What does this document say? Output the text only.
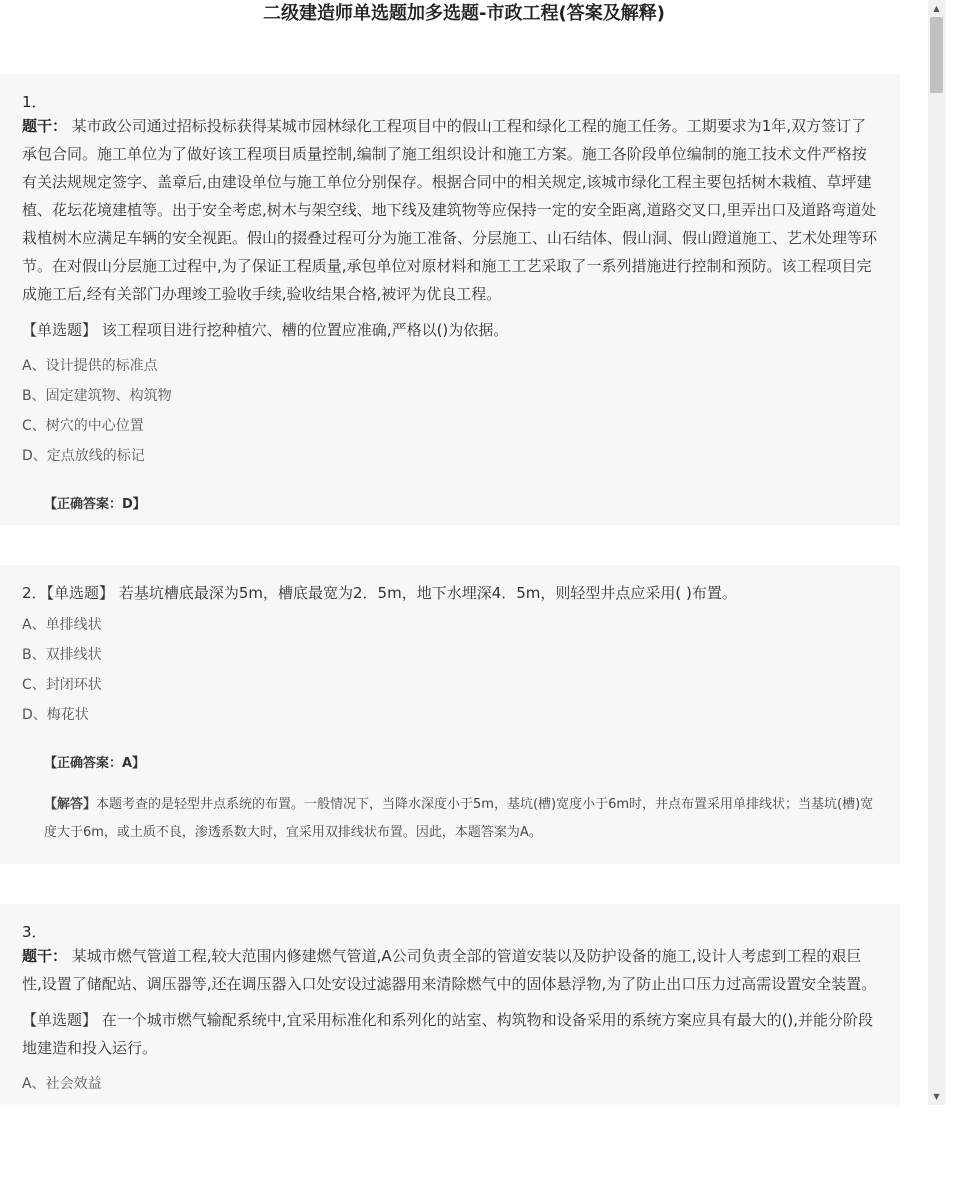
二级建造师单选题加多选题-市政工程(答案及解释)
1．
题干： 某市政公司通过招标投标获得某城市园林绿化工程项目中的假山工程和绿化工程的施工任务。工期要求为1年,双方签订了承包合同。施工单位为了做好该工程项目质量控制,编制了施工组织设计和施工方案。施工各阶段单位编制的施工技术文件严格按有关法规规定签字、盖章后,由建设单位与施工单位分别保存。根据合同中的相关规定,该城市绿化工程主要包括树木栽植、草坪建植、花坛花境建植等。出于安全考虑,树木与架空线、地下线及建筑物等应保持一定的安全距离,道路交叉口,里弄出口及道路弯道处栽植树木应满足车辆的安全视距。假山的掇叠过程可分为施工准备、分层施工、山石结体、假山洞、假山蹬道施工、艺术处理等环节。在对假山分层施工过程中,为了保证工程质量,承包单位对原材料和施工工艺采取了一系列措施进行控制和预防。该工程项目完成施工后,经有关部门办理竣工验收手续,验收结果合格,被评为优良工程。
【单选题】 该工程项目进行挖种植穴、槽的位置应准确,严格以()为依据。
A、设计提供的标准点
B、固定建筑物、构筑物
C、树穴的中心位置
D、定点放线的标记
【正确答案：D】
2．【单选题】 若基坑槽底最深为5m，槽底最宽为2．5m，地下水埋深4．5m，则轻型井点应采用( )布置。
A、单排线状
B、双排线状
C、封闭环状
D、梅花状
【正确答案：A】
【解答】本题考查的是轻型井点系统的布置。一般情况下，当降水深度小于5m，基坑(槽)宽度小于6m时，井点布置采用单排线状；当基坑(槽)宽度大于6m，或土质不良，渗透系数大时，宜采用双排线状布置。因此，本题答案为A。
3．
题干： 某城市燃气管道工程,较大范围内修建燃气管道,A公司负责全部的管道安装以及防护设备的施工,设计人考虑到工程的艰巨性,设置了储配站、调压器等,还在调压器入口处安设过滤器用来清除燃气中的固体悬浮物,为了防止出口压力过高需设置安全装置。
【单选题】 在一个城市燃气输配系统中,宜采用标准化和系列化的站室、构筑物和设备采用的系统方案应具有最大的(),并能分阶段地建造和投入运行。
A、社会效益
▲
▼
